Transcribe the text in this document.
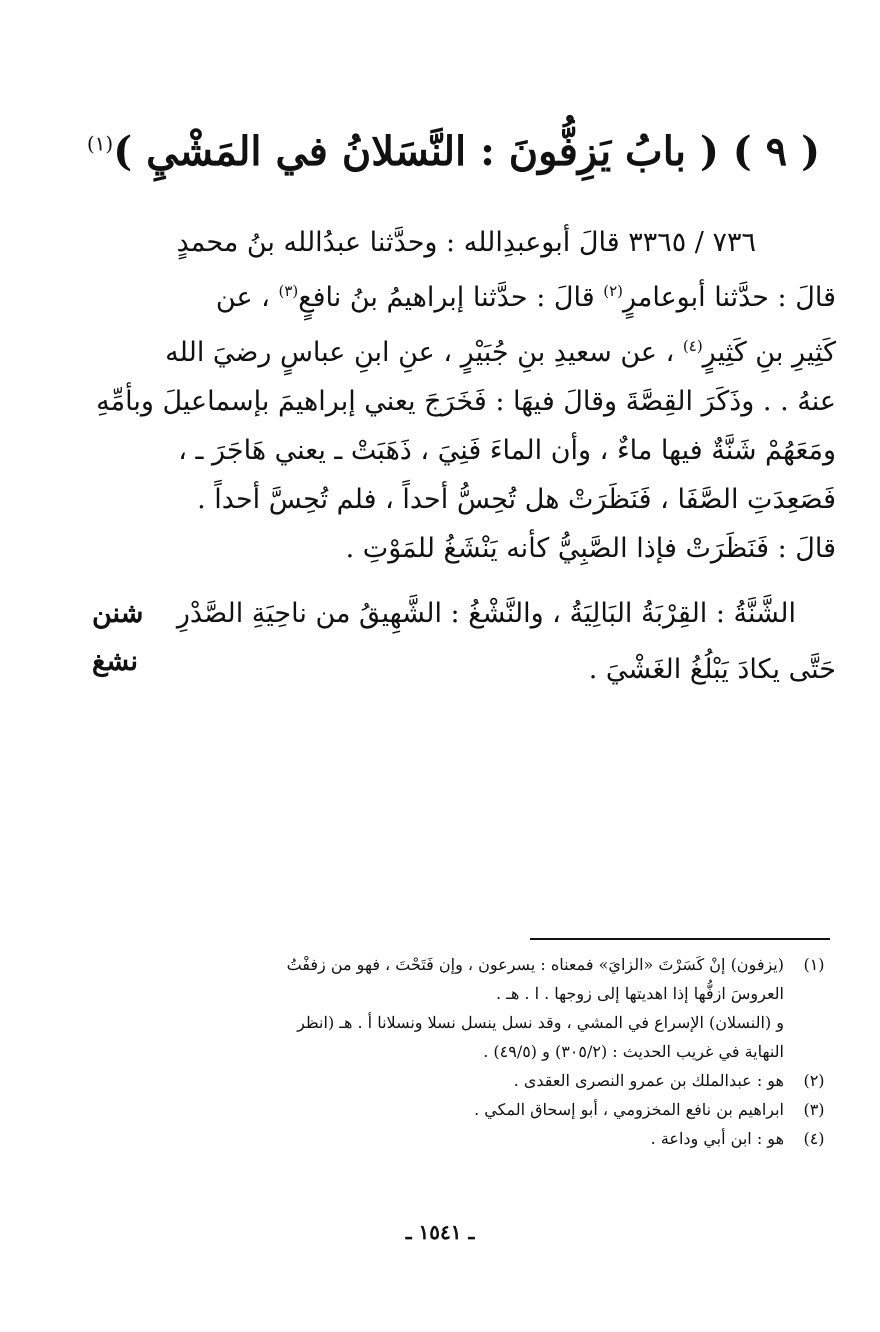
( ٩ ) ( بابُ يَزِفُّونَ : النَّسَلانُ في المَشْيِ )$^{(١)}$
٧٣٦ / ٣٣٦٥ قالَ أبوعبدِالله : وحدَّثنا عبدُالله بنُ محمدٍ
قالَ : حدَّثنا أبوعامرٍ$^{(٢)}$ قالَ : حدَّثنا إبراهيمُ بنُ نافعٍ$^{(٣)}$ ، عن
كَثِيرِ بنِ كَثِيرٍ$^{(٤)}$ ، عن سعيدِ بنِ جُبَيْرٍ ، عنِ ابنِ عباسٍ رضيَ الله
عنهُ . . وذَكَرَ القِصَّةَ وقالَ فيهَا : فَخَرَجَ يعني إبراهيمَ بإسماعيلَ وبأمِّهِ
ومَعَهُمْ شَنَّةٌ فيها ماءٌ ، وأن الماءَ فَنِيَ ، ذَهَبَتْ ـ يعني هَاجَرَ ـ ،
فَصَعِدَتِ الصَّفَا ، فَنَظَرَتْ هل تُحِسُّ أحداً ، فلم تُحِسَّ أحداً .
قالَ : فَنَظَرَتْ فإذا الصَّبِيُّ كأنه يَنْشَغُ للمَوْتِ .
الشَّنَّةُ : القِرْبَةُ البَالِيَةُ ، والنَّشْغُ : الشَّهِيقُ من ناحِيَةِ الصَّدْرِ
حَتَّى يكادَ يَبْلُغُ الغَشْيَ .
شنن
نشغ
(١)
(يزفون) إنْ كَسَرْتَ «الزايَ» فمعناه : يسرعون ، وإن فَتَحْتَ ، فهو من زففْتُ
العروسَ ازفُّها إذا اهديتها إلى زوجها . ا . هـ .
و (النسلان) الإسراع في المشي ، وقد نسل ينسل نسلا ونسلانا أ . هـ (انظر
النهاية في غريب الحديث : (٣٠٥/٢) و (٤٩/٥) .
(٢)
هو : عبدالملك بن عمرو النصرى العقدى .
(٣)
ابراهيم بن نافع المخزومي ، أبو إسحاق المكي .
(٤)
هو : ابن أبي وداعة .
ـ ١٥٤١ ـ
